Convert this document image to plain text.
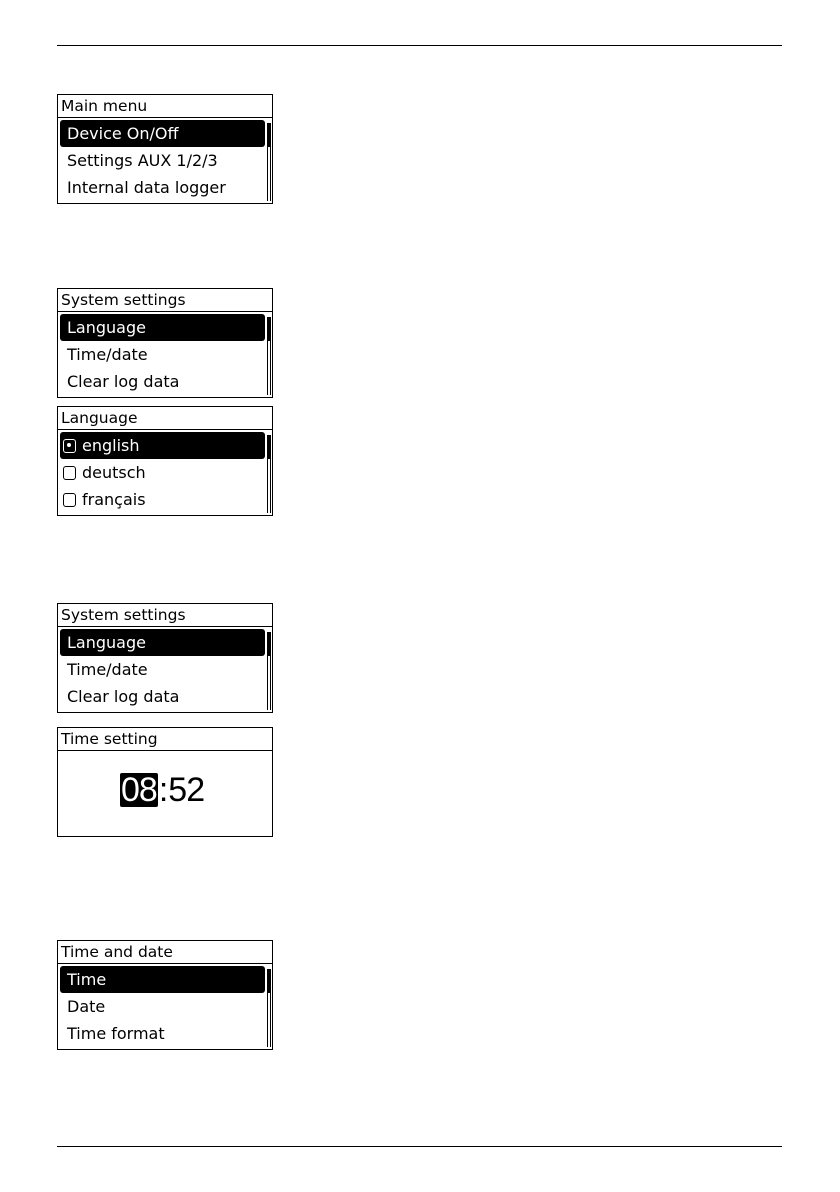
Main menu
Device On/Off
Settings AUX 1/2/3
Internal data logger
System settings
Language
Time/date
Clear log data
Language
english
deutsch
français
System settings
Language
Time/date
Clear log data
Time setting
08 : 52
Time and date
Time
Date
Time format
